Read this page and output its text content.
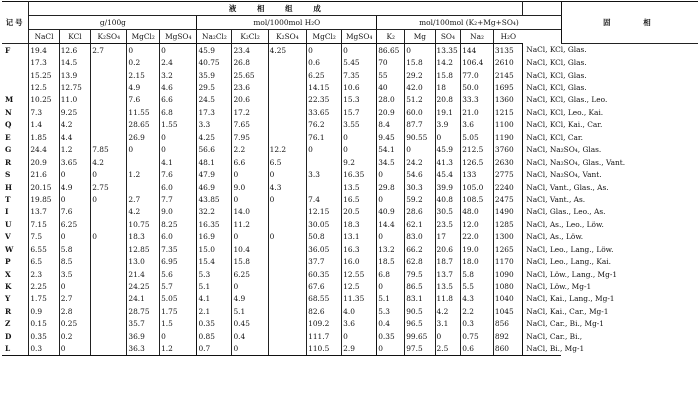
记号	液　　相　　组　　成																固　　相
	g/100g					mol/1000mol H₂O					mol/100mol (K₂+Mg+SO₄)						
	NaCl	KCl	K₂SO₄	MgCl₂	MgSO₄	Na₂Cl₂	K₂Cl₂	K₂SO₄	MgCl₂	MgSO₄	K₂	Mg	SO₄	Na₂	H₂O		
F	19.4	12.6	2.7	0	0	45.9	23.4	4.25	0	0	86.65	0	13.35	144	3135	NaCl, KCl, Glas.	
	17.3	14.5		0.2	2.4	40.75	26.8		0.6	5.45	70	15.8	14.2	106.4	2610	NaCl, KCl, Glas.	
	15.25	13.9		2.15	3.2	35.9	25.65		6.25	7.35	55	29.2	15.8	77.0	2145	NaCl, KCl, Glas.	
	12.5	12.75		4.9	4.6	29.5	23.6		14.15	10.6	40	42.0	18	50.0	1695	NaCl, KCl, Glas.	
M	10.25	11.0		7.6	6.6	24.5	20.6		22.35	15.3	28.0	51.2	20.8	33.3	1360	NaCl, KCl, Glas., Leo.	
N	7.3	9.25		11.55	6.8	17.3	17.2		33.65	15.7	20.9	60.0	19.1	21.0	1215	NaCl, KCl, Leo., Kai.	
Q	1.4	4.2		28.65	1.55	3.3	7.65		76.2	3.55	8.4	87.7	3.9	3.6	1100	NaCl, KCl, Kai., Car.	
E	1.85	4.4		26.9	0	4.25	7.95		76.1	0	9.45	90.55	0	5.05	1190	NaCl, KCl, Car.	
G	24.4	1.2	7.85	0	0	56.6	2.2	12.2	0	0	54.1	0	45.9	212.5	3760	NaCl, Na₂SO₄, Glas.	
R	20.9	3.65	4.2		4.1	48.1	6.6	6.5		9.2	34.5	24.2	41.3	126.5	2630	NaCl, Na₂SO₄, Glas., Vant.	
S	21.6	0	0	1.2	7.6	47.9	0	0	3.3	16.35	0	54.6	45.4	133	2775	NaCl, Na₂SO₄, Vant.	
H	20.15	4.9	2.75		6.0	46.9	9.0	4.3		13.5	29.8	30.3	39.9	105.0	2240	NaCl, Vant., Glas., As.	
T	19.85	0	0	2.7	7.7	43.85	0	0	7.4	16.5	0	59.2	40.8	108.5	2475	NaCl, Vant., As.	
I	13.7	7.6		4.2	9.0	32.2	14.0		12.15	20.5	40.9	28.6	30.5	48.0	1490	NaCl, Glas., Leo., As.	
U	7.15	6.25		10.75	8.25	16.35	11.2		30.05	18.3	14.4	62.1	23.5	12.0	1285	NaCl, As., Leo., Löw.	
V	7.5	0	0	18.3	6.0	16.9	0	0	50.8	13.1	0	83.0	17	22.0	1300	NaCl, As., Löw.	
W	6.55	5.8		12.85	7.35	15.0	10.4		36.05	16.3	13.2	66.2	20.6	19.0	1265	NaCl, Leo., Lang., Löw.	
P	6.5	8.5		13.0	6.95	15.4	15.8		37.7	16.0	18.5	62.8	18.7	18.0	1170	NaCl, Leo., Lang., Kai.	
X	2.3	3.5		21.4	5.6	5.3	6.25		60.35	12.55	6.8	79.5	13.7	5.8	1090	NaCl, Löw., Lang., Mg-1	
K	2.25	0		24.25	5.7	5.1	0		67.6	12.5	0	86.5	13.5	5.5	1080	NaCl, Löw., Mg-1	
Y	1.75	2.7		24.1	5.05	4.1	4.9		68.55	11.35	5.1	83.1	11.8	4.3	1040	NaCl, Kai., Lang., Mg-1	
R	0.9	2.8		28.75	1.75	2.1	5.1		82.6	4.0	5.3	90.5	4.2	2.2	1045	NaCl, Kai., Car., Mg-1	
Z	0.15	0.25		35.7	1.5	0.35	0.45		109.2	3.6	0.4	96.5	3.1	0.3	856	NaCl, Car., Bi., Mg-1	
D	0.35	0.2		36.9	0	0.85	0.4		111.7	0	0.35	99.65	0	0.75	892	NaCl, Car., Bi.,	
L	0.3	0		36.3	1.2	0.7	0		110.5	2.9	0	97.5	2.5	0.6	860	NaCl, Bi., Mg-1	
